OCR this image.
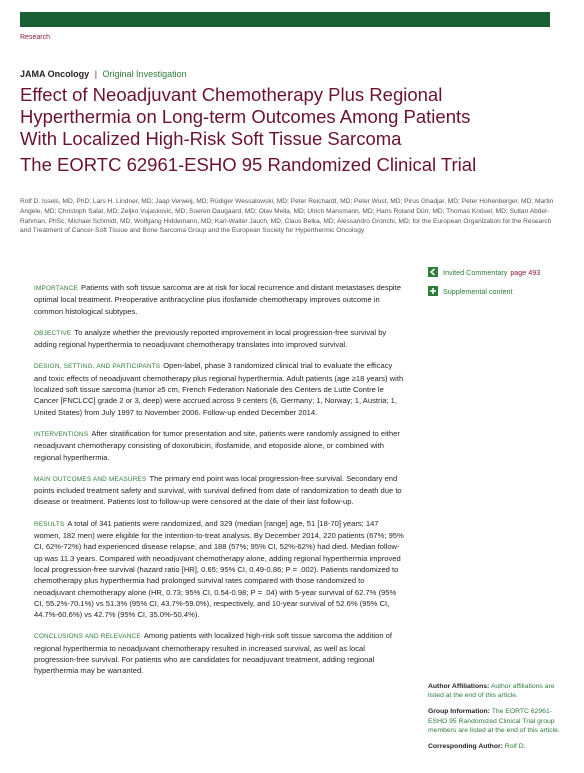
Research
JAMA Oncology | Original Investigation
Effect of Neoadjuvant Chemotherapy Plus Regional Hyperthermia on Long-term Outcomes Among Patients With Localized High-Risk Soft Tissue Sarcoma
The EORTC 62961-ESHO 95 Randomized Clinical Trial
Rolf D. Issels, MD, PhD; Lars H. Lindner, MD; Jaap Verweij, MD; Rüdiger Wessalowski, MD; Peter Reichardt, MD; Peter Wust, MD; Pirus Ghadjar, MD; Peter Hohenberger, MD; Martin Angele, MD; Christoph Salat, MD; Zeljko Vujaskovic, MD; Soeren Daugaard, MD; Olav Mella, MD; Ulrich Mansmann, MD; Hans Roland Dürr, MD; Thomas Knösel, MD; Sultan Abdel-Rahman, PhSc; Michael Schmidt, MD; Wolfgang Hiddemann, MD; Karl-Walter Jauch, MD; Claus Belka, MD; Alessandro Gronchi, MD; for the European Organization for the Research and Treatment of Cancer-Soft Tissue and Bone Sarcoma Group and the European Society for Hyperthermic Oncology
Invited Commentary page 493
Supplemental content

IMPORTANCE Patients with soft tissue sarcoma are at risk for local recurrence and distant metastases despite optimal local treatment. Preoperative anthracycline plus ifosfamide chemotherapy improves outcome in common histological subtypes.

OBJECTIVE To analyze whether the previously reported improvement in local progression-free survival by adding regional hyperthermia to neoadjuvant chemotherapy translates into improved survival.

DESIGN, SETTING, AND PARTICIPANTS Open-label, phase 3 randomized clinical trial to evaluate the efficacy and toxic effects of neoadjuvant chemotherapy plus regional hyperthermia. Adult patients (age ≥18 years) with localized soft tissue sarcoma (tumor ≥5 cm, French Federation Nationale des Centers de Lutte Contre le Cancer [FNCLCC] grade 2 or 3, deep) were accrued across 9 centers (6, Germany; 1, Norway; 1, Austria; 1, United States) from July 1997 to November 2006. Follow-up ended December 2014.

INTERVENTIONS After stratification for tumor presentation and site, patients were randomly assigned to either neoadjuvant chemotherapy consisting of doxorubicin, ifosfamide, and etoposide alone, or combined with regional hyperthermia.

MAIN OUTCOMES AND MEASURES The primary end point was local progression-free survival. Secondary end points included treatment safety and survival, with survival defined from date of randomization to death due to disease or treatment. Patients lost to follow-up were censored at the date of their last follow-up.

RESULTS A total of 341 patients were randomized, and 329 (median [range] age, 51 [18-70] years; 147 women, 182 men) were eligible for the intention-to-treat analysis. By December 2014, 220 patients (67%; 95% CI, 62%-72%) had experienced disease relapse, and 188 (57%; 95% CI, 52%-62%) had died. Median follow-up was 11.3 years. Compared with neoadjuvant chemotherapy alone, adding regional hyperthermia improved local progression-free survival (hazard ratio [HR], 0.65; 95% CI, 0.49-0.86; P = .002). Patients randomized to chemotherapy plus hyperthermia had prolonged survival rates compared with those randomized to neoadjuvant chemotherapy alone (HR, 0.73; 95% CI, 0.54-0.98; P = .04) with 5-year survival of 62.7% (95% CI, 55.2%-70.1%) vs 51.3% (95% CI, 43.7%-59.0%), respectively, and 10-year survival of 52.6% (95% CI, 44.7%-60.6%) vs 42.7% (95% CI, 35.0%-50.4%).

CONCLUSIONS AND RELEVANCE Among patients with localized high-risk soft tissue sarcoma the addition of regional hyperthermia to neoadjuvant chemotherapy resulted in increased survival, as well as local progression-free survival. For patients who are candidates for neoadjuvant treatment, adding regional hyperthermia may be warranted.

Author Affiliations: Author affiliations are listed at the end of this article.
Group Information: The EORTC 62961-ESHO 95 Randomized Clinical Trial group members are listed at the end of this article.
Corresponding Author: Rolf D.
